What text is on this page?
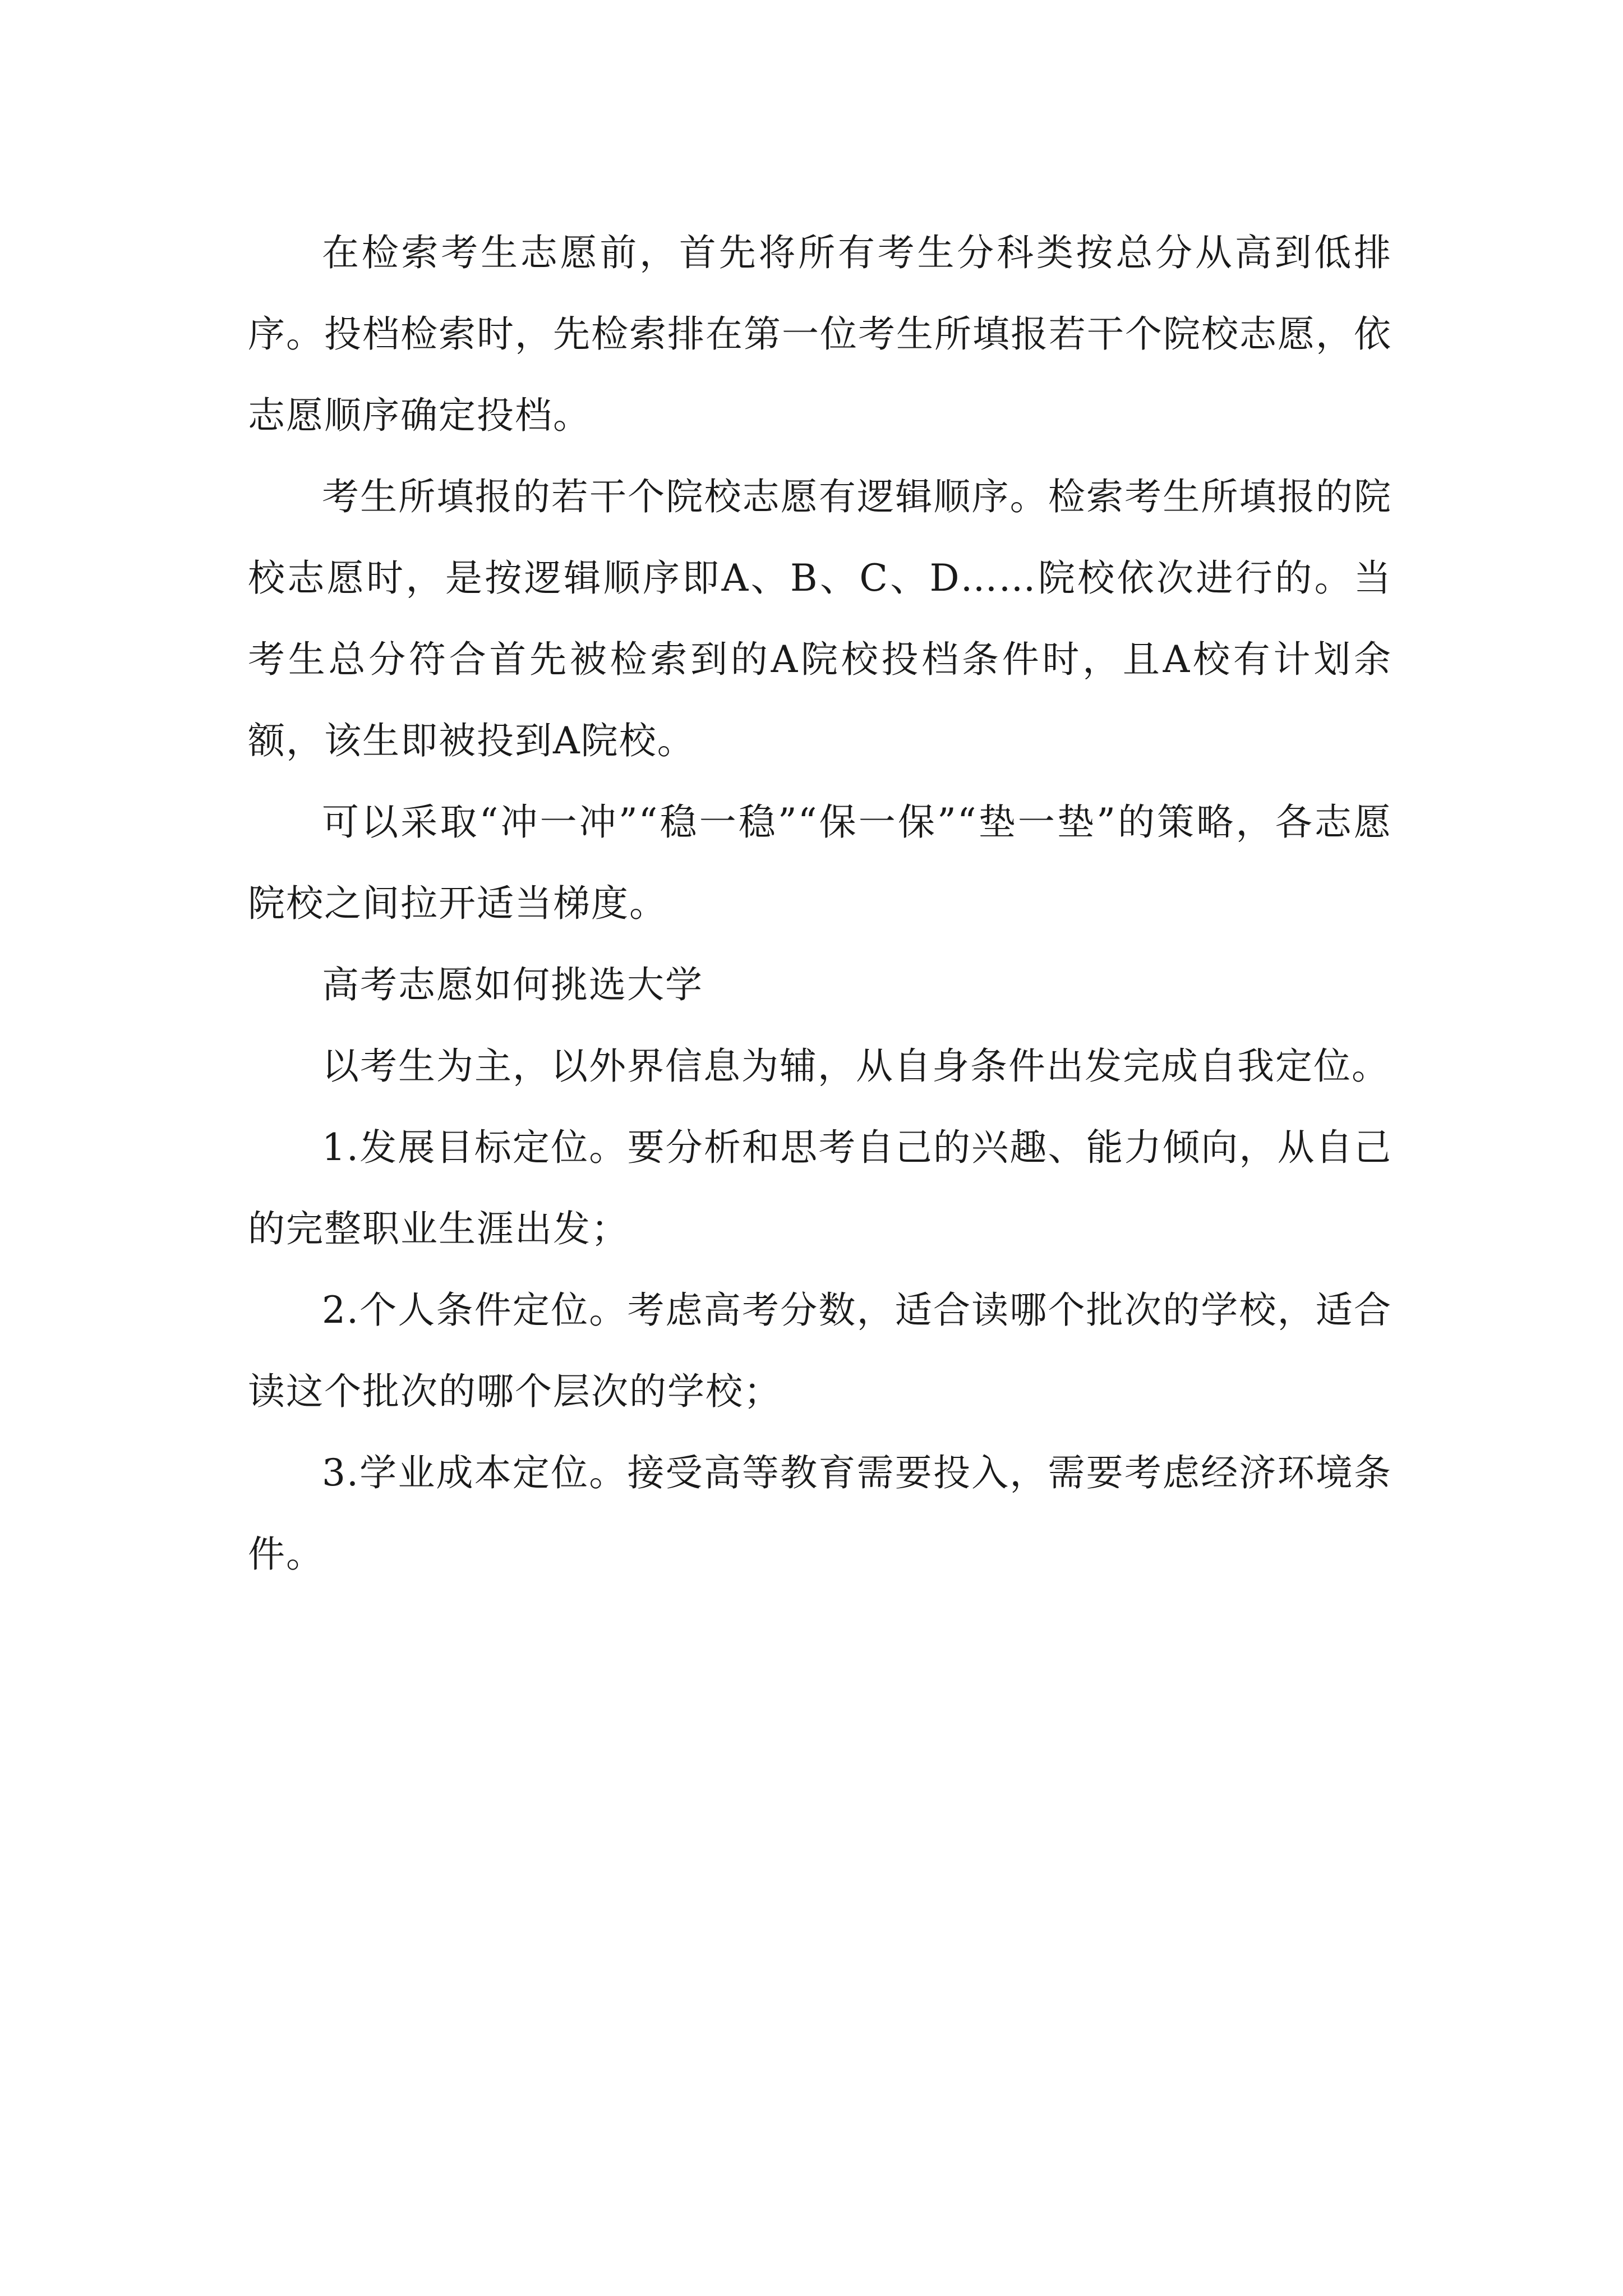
在检索考生志愿前，首先将所有考生分科类按总分从高到低排序。投档检索时，先检索排在第一位考生所填报若干个院校志愿，依志愿顺序确定投档。

考生所填报的若干个院校志愿有逻辑顺序。检索考生所填报的院校志愿时，是按逻辑顺序即A、B、C、D……院校依次进行的。当考生总分符合首先被检索到的A院校投档条件时，且A校有计划余额，该生即被投到A院校。

可以采取“冲一冲”“稳一稳”“保一保”“垫一垫”的策略，各志愿院校之间拉开适当梯度。

高考志愿如何挑选大学

以考生为主，以外界信息为辅，从自身条件出发完成自我定位。

1.发展目标定位。要分析和思考自己的兴趣、能力倾向，从自己的完整职业生涯出发；

2.个人条件定位。考虑高考分数，适合读哪个批次的学校，适合读这个批次的哪个层次的学校；

3.学业成本定位。接受高等教育需要投入，需要考虑经济环境条件。
